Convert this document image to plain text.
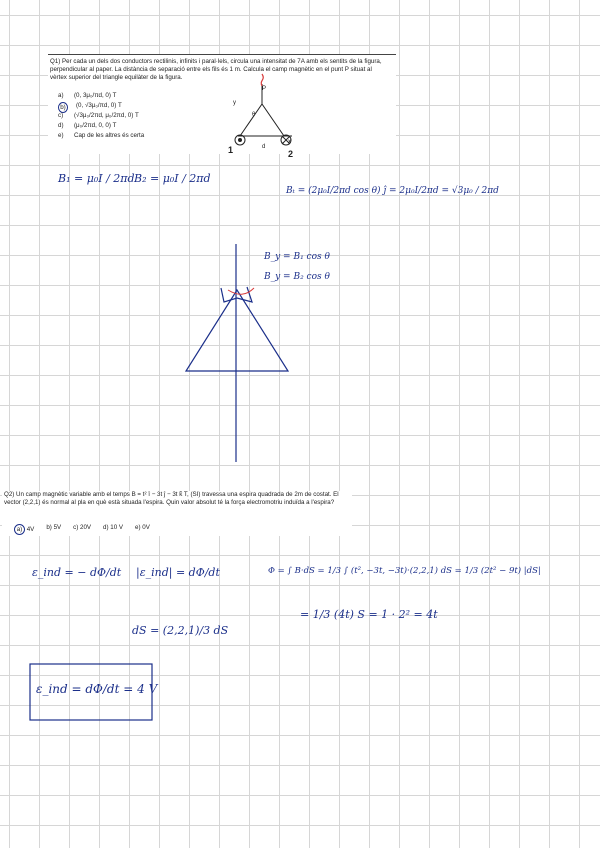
Q1) Per cada un dels dos conductors rectilinis, infinits i paral·lels, circula una intensitat de 7A amb els sentits de la figura, perpendicular al paper. La distància de separació entre els fils és 1 m. Calcula el camp magnètic en el punt P situat al vèrtex superior del triangle equilàter de la figura.
a)	(0, 3μ₀/πd, 0) T
b)	(0, √3μ₀/πd, 0) T
c)	(√3μ₀/2πd, μ₀/2πd, 0) T
d)	(μ₀/2πd, 0, 0) T
e)	Cap de les altres és certa
P
θ
d
1	2
y
x
Q2) Un camp magnètic variable amb el temps B = t² î − 3t ĵ − 3t k̂ T, (SI) travessa una espira quadrada de 2m de costat. El vector (2,2,1) és normal al pla en què està situada l'espira. Quin valor absolut té la força electromotriu induïda a l'espira?
a) 4V b) 5V c) 20V d) 10 V e) 0V
B₁ = μ₀I / 2πd B₂ = μ₀I / 2πd
Bₜ = (2μ₀I/2πd cos θ) ĵ = 2μ₀I/2πd = √3μ₀ / 2πd
B_y = B₁ cos θ
B_y = B₂ cos θ
ε_ind = − dΦ/dt |ε_ind| = dΦ/dt	Φ = ∫ B·dS = 1/3 ∫ (t², −3t, −3t)·(2,2,1) dS = 1/3 (2t² − 9t) |dS|
= 1/3 (4t) S = 1 · 2² = 4t
dS = (2,2,1)/3 dS
ε_ind = dΦ/dt = 4 V
